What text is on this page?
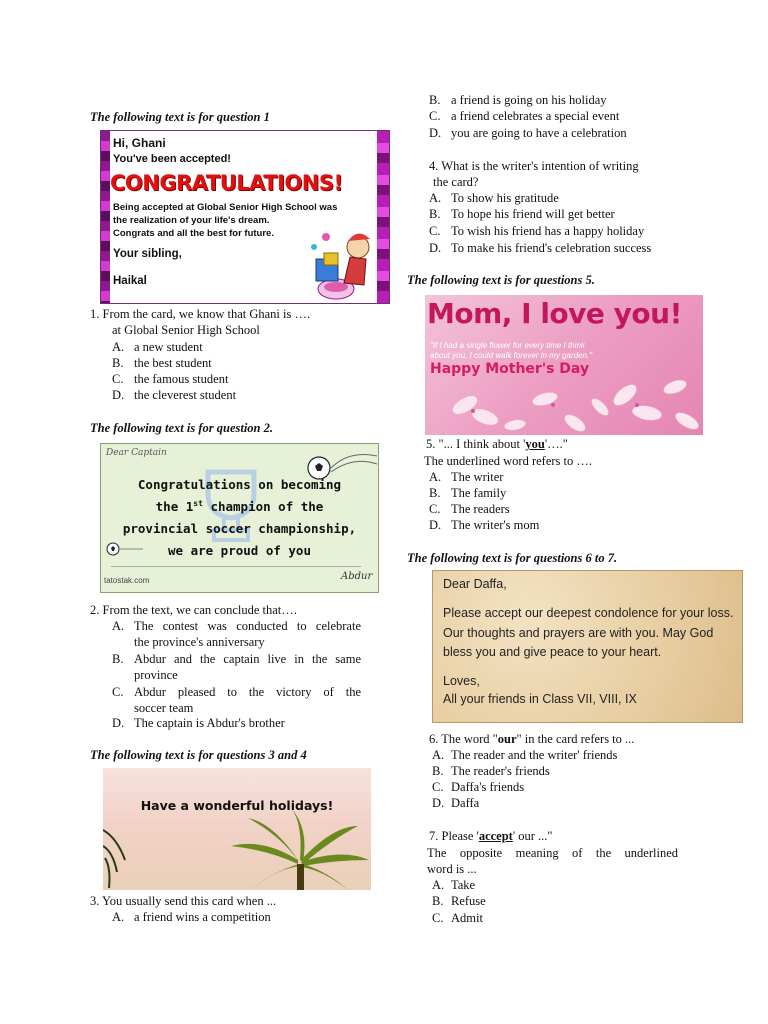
The following text is for question 1
Hi, Ghani
You've been accepted!
CONGRATULATIONS!
Being accepted at Global Senior High School was
the realization of your life's dream.
Congrats and all the best for future.
Your sibling,
Haikal
1. From the card, we know that Ghani is ….
at Global Senior High School
A. a new student
B. the best student
C. the famous student
D. the cleverest student
The following text is for question 2.
Dear Captain
Congratulations on becoming
the 1st champion of the
provincial soccer championship,
we are proud of you
tatostak.com	Abdur
2. From the text, we can conclude that….
A. The contest was conducted to celebrate
the province's anniversary
B. Abdur and the captain live in the same
province
C. Abdur pleased to the victory of the
soccer team
D. The captain is Abdur's brother
The following text is for questions 3 and 4
Have a wonderful holidays!
3. You usually send this card when ...
A. a friend wins a competition
B. a friend is going on his holiday
C. a friend celebrates a special event
D. you are going to have a celebration
4. What is the writer's intention of writing
the card?
A. To show his gratitude
B. To hope his friend will get better
C. To wish his friend has a happy holiday
D. To make his friend's celebration success
The following text is for questions 5.
Mom, I love you!
"If I had a single flower for every time I think
about you, I could walk forever in my garden."
Happy Mother's Day
5. "... I think about 'you'…."
The underlined word refers to ….
A. The writer
B. The family
C. The readers
D. The writer's mom
The following text is for questions 6 to 7.
Dear Daffa,
Please accept our deepest condolence for your loss.
Our thoughts and prayers are with you. May God
bless you and give peace to your heart.
Loves,
All your friends in Class VII, VIII, IX
6. The word "our" in the card refers to ...
A. The reader and the writer' friends
B. The reader's friends
C. Daffa's friends
D. Daffa
7. Please 'accept' our ..."
The opposite meaning of the underlined
word is ...
A. Take
B. Refuse
C. Admit
